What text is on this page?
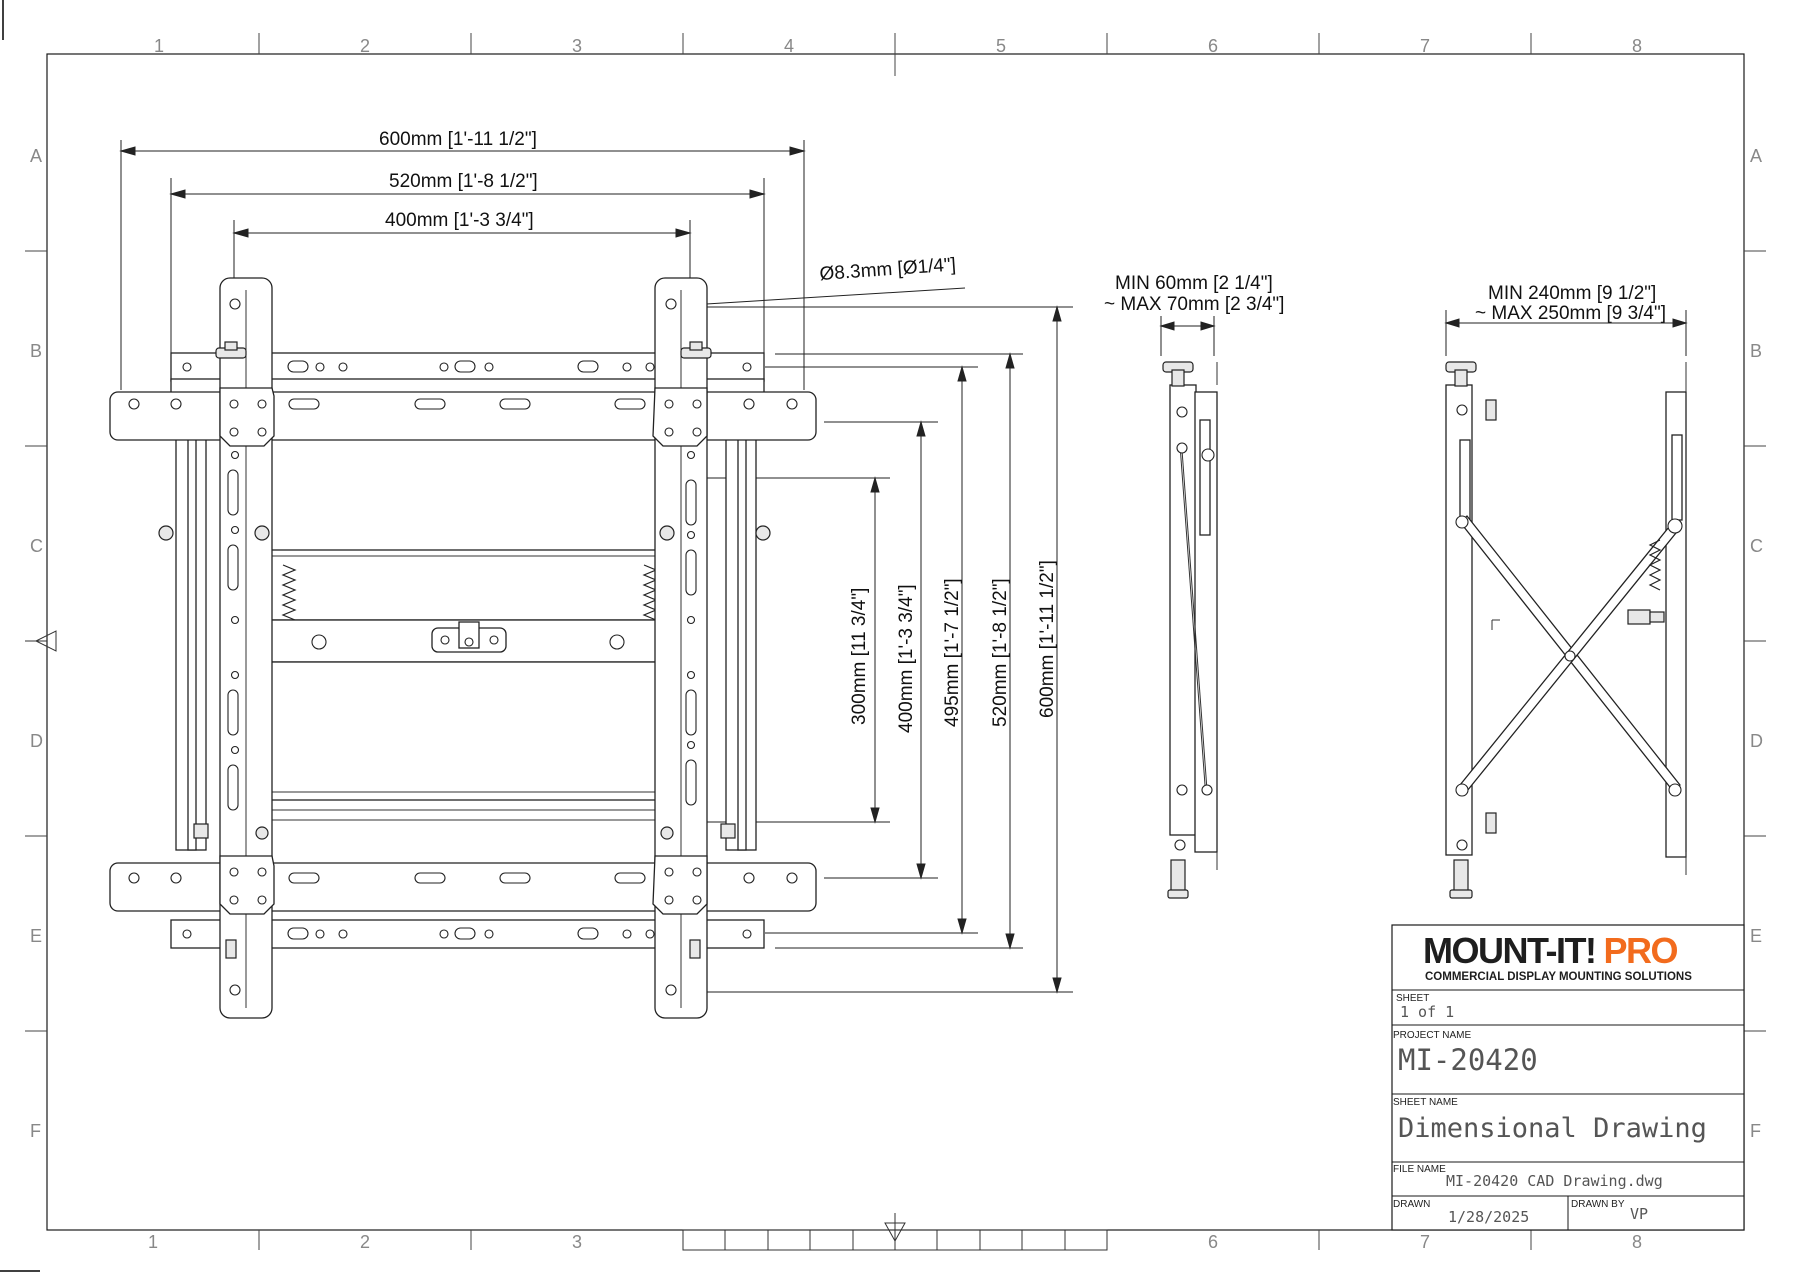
1	2	3	4	5	6	7	8
1	2	3	6	7	8
A
B
C
D
E
F
A
B
C
D
E
F
600mm [1'-11 1/2"]
520mm [1'-8 1/2"]
400mm [1'-3 3/4"]
Ø8.3mm [Ø1/4"]
300mm [11 3/4"] 400mm [1'-3 3/4"] 495mm [1'-7 1/2"] 520mm [1'-8 1/2"] 600mm [1'-11 1/2"]
MIN 60mm [2 1/4"]
~ MAX 70mm [2 3/4"]
MIN 240mm [9 1/2"]
~ MAX 250mm [9 3/4"]
MOUNT-IT! PRO
COMMERCIAL DISPLAY MOUNTING SOLUTIONS
SHEET
1 of 1
PROJECT NAME
MI-20420
SHEET NAME
Dimensional Drawing
FILE NAME
MI-20420 CAD Drawing.dwg
DRAWN
1/28/2025
DRAWN BY
VP
